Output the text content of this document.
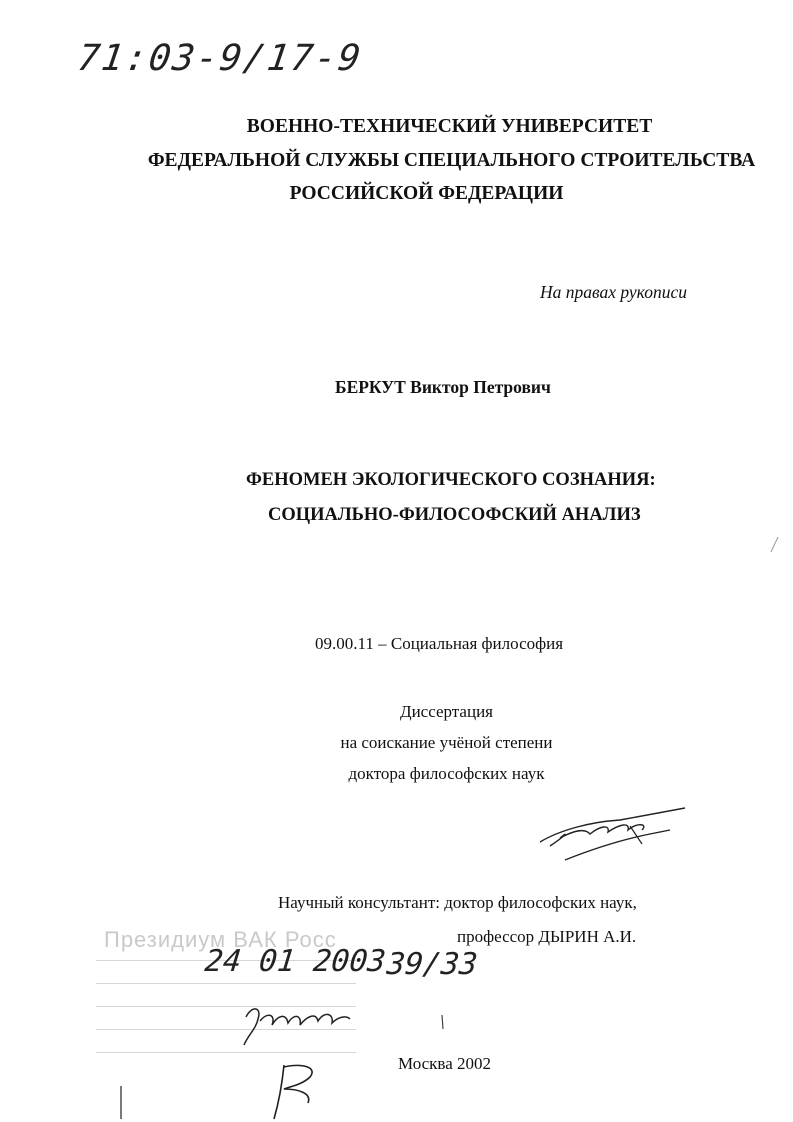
71:03-9/17-9
ВОЕННО-ТЕХНИЧЕСКИЙ УНИВЕРСИТЕТ
ФЕДЕРАЛЬНОЙ СЛУЖБЫ СПЕЦИАЛЬНОГО СТРОИТЕЛЬСТВА
РОССИЙСКОЙ ФЕДЕРАЦИИ
На правах рукописи
БЕРКУТ Виктор Петрович
ФЕНОМЕН ЭКОЛОГИЧЕСКОГО СОЗНАНИЯ:
СОЦИАЛЬНО-ФИЛОСОФСКИЙ АНАЛИЗ
09.00.11 – Социальная философия
Диссертация
на соискание учёной степени
доктора философских наук
Президиум ВАК Росс
Научный консультант: доктор философских наук,
профессор ДЫРИН А.И.
24 01 2003
39/33
Москва 2002
